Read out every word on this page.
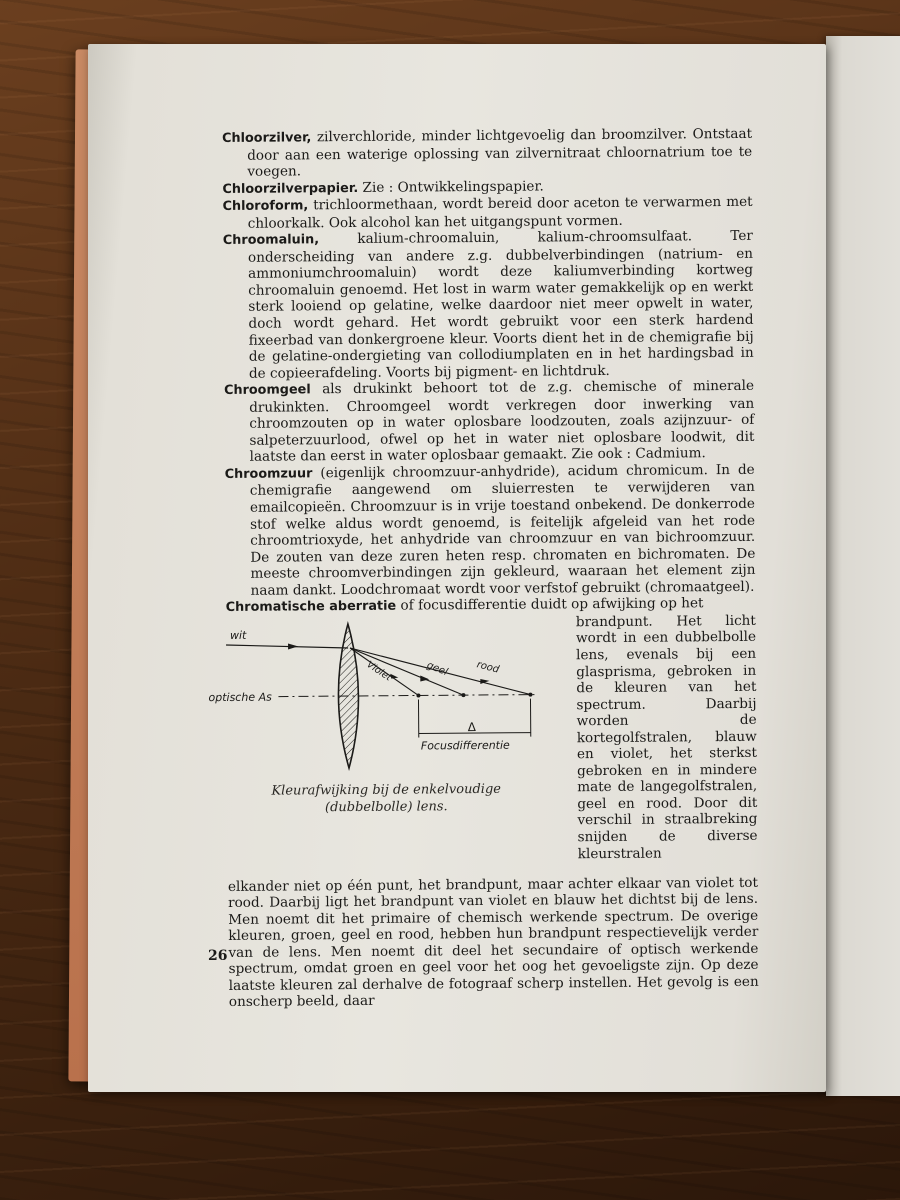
Chloorzilver, zilverchloride, minder lichtgevoelig dan broomzilver. Ontstaat door aan een waterige oplossing van zilvernitraat chloornatrium toe te voegen.

Chloorzilverpapier. Zie : Ontwikkelingspapier.

Chloroform, trichloormethaan, wordt bereid door aceton te verwarmen met chloorkalk. Ook alcohol kan het uitgangspunt vormen.

Chroomaluin, kalium-chroomaluin, kalium-chroomsulfaat. Ter onderscheiding van andere z.g. dubbelverbindingen (natrium- en ammoniumchroomaluin) wordt deze kaliumverbinding kortweg chroomaluin genoemd. Het lost in warm water gemakkelijk op en werkt sterk looiend op gelatine, welke daardoor niet meer opwelt in water, doch wordt gehard. Het wordt gebruikt voor een sterk hardend fixeerbad van donkergroene kleur. Voorts dient het in de chemigrafie bij de gelatine-ondergieting van collodiumplaten en in het hardingsbad in de copieerafdeling. Voorts bij pigment- en lichtdruk.

Chroomgeel als drukinkt behoort tot de z.g. chemische of minerale drukinkten. Chroomgeel wordt verkregen door inwerking van chroomzouten op in water oplosbare loodzouten, zoals azijnzuur- of salpeterzuurlood, ofwel op het in water niet oplosbare loodwit, dit laatste dan eerst in water oplosbaar gemaakt. Zie ook : Cadmium.

Chroomzuur (eigenlijk chroomzuur-anhydride), acidum chromicum. In de chemigrafie aangewend om sluierresten te verwijderen van emailcopieën. Chroomzuur is in vrije toestand onbekend. De donkerrode stof welke aldus wordt genoemd, is feitelijk afgeleid van het rode chroomtrioxyde, het anhydride van chroomzuur en van bichroomzuur. De zouten van deze zuren heten resp. chromaten en bichromaten. De meeste chroomverbindingen zijn gekleurd, waaraan het element zijn naam dankt. Loodchromaat wordt voor verfstof gebruikt (chromaatgeel).

Chromatische aberratie of focusdifferentie duidt op afwijking op het

wit
Violet	geel	rood
optische As
Δ
Focusdifferentie
Kleurafwijking bij de enkelvoudige
(dubbelbolle) lens.

brandpunt. Het licht wordt in een dubbelbolle lens, evenals bij een glasprisma, gebroken in de kleuren van het spectrum. Daarbij worden de kortegolfstralen, blauw en violet, het sterkst gebroken en in mindere mate de langegolfstralen, geel en rood. Door dit verschil in straalbreking snijden de diverse kleurstralen

elkander niet op één punt, het brandpunt, maar achter elkaar van violet tot rood. Daarbij ligt het brandpunt van violet en blauw het dichtst bij de lens. Men noemt dit het primaire of chemisch werkende spectrum. De overige kleuren, groen, geel en rood, hebben hun brandpunt respectievelijk verder van de lens. Men noemt dit deel het secundaire of optisch werkende spectrum, omdat groen en geel voor het oog het gevoeligste zijn. Op deze laatste kleuren zal derhalve de fotograaf scherp instellen. Het gevolg is een onscherp beeld, daar

26
